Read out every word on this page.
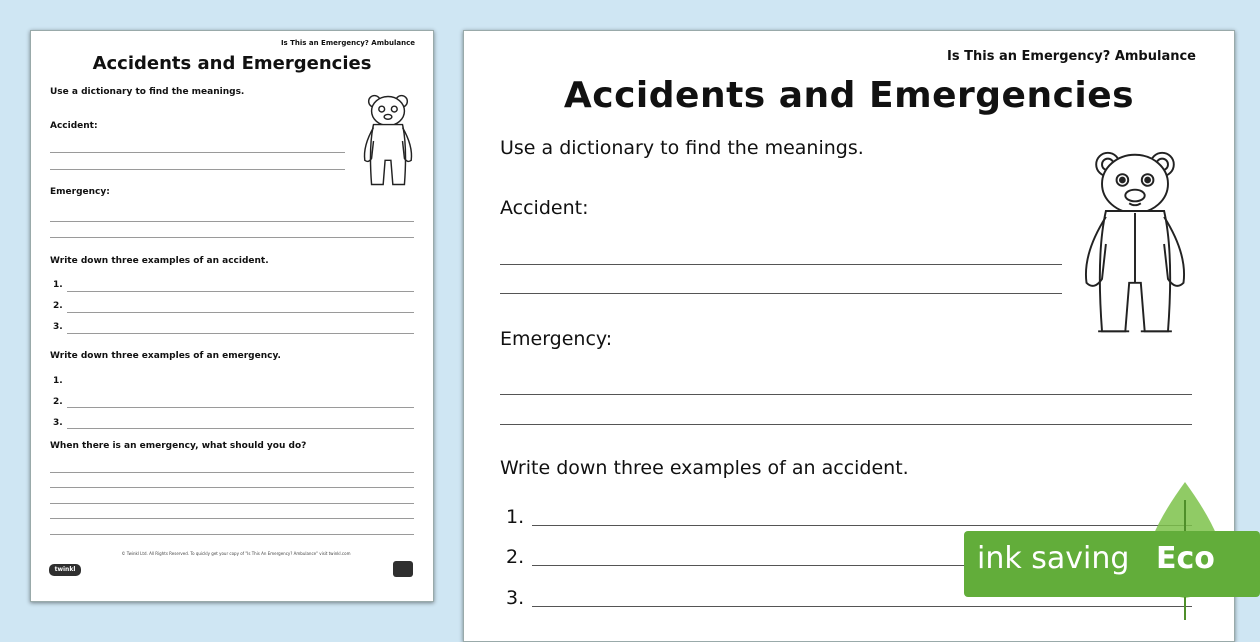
Is This an Emergency? Ambulance
Accidents and Emergencies
Use a dictionary to find the meanings.
Accident:
Emergency:
Write down three examples of an accident.
1.
2.
3.
Write down three examples of an emergency.
1.
2.
3.
When there is an emergency, what should you do?
© Twinkl Ltd. All Rights Reserved. To quickly get your copy of "Is This An Emergency? Ambulance" visit twinkl.com
twinkl
Is This an Emergency? Ambulance
Accidents and Emergencies
Use a dictionary to find the meanings.
Accident:
Emergency:
Write down three examples of an accident.
1.
2.
3.
ink saving Eco
